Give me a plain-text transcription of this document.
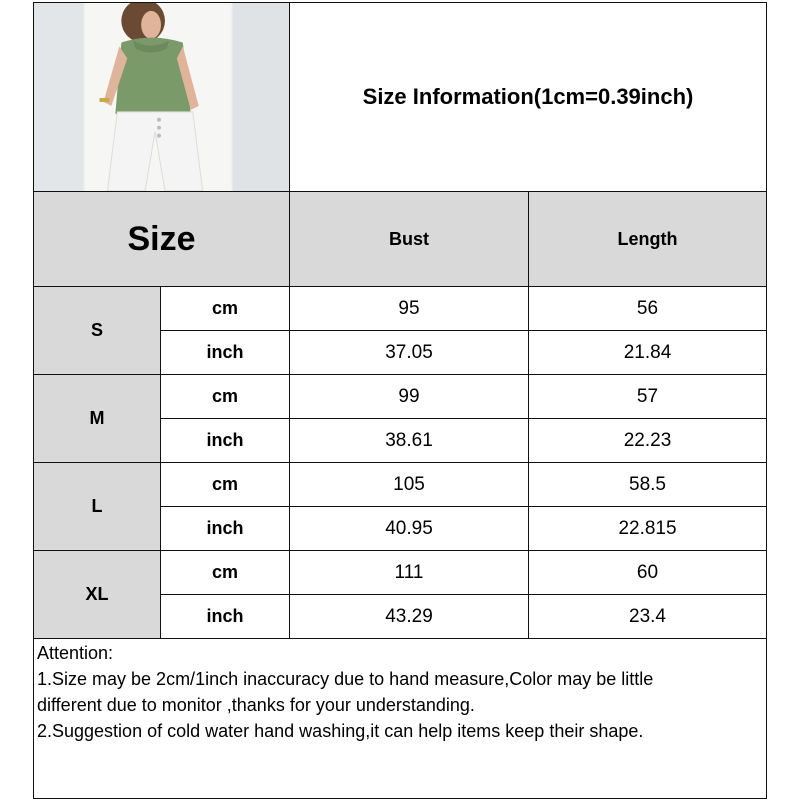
Size Information(1cm=0.39inch)
Size	Bust	Length
S
cm	95	56
inch	37.05	21.84
M
cm	99	57
inch	38.61	22.23
L
cm	105	58.5
inch	40.95	22.815
XL
cm	111	60
inch	43.29	23.4
Attention:
1.Size may be 2cm/1inch inaccuracy due to hand measure,Color may be little
different due to monitor ,thanks for your understanding.
2.Suggestion of cold water hand washing,it can help items keep their shape.
